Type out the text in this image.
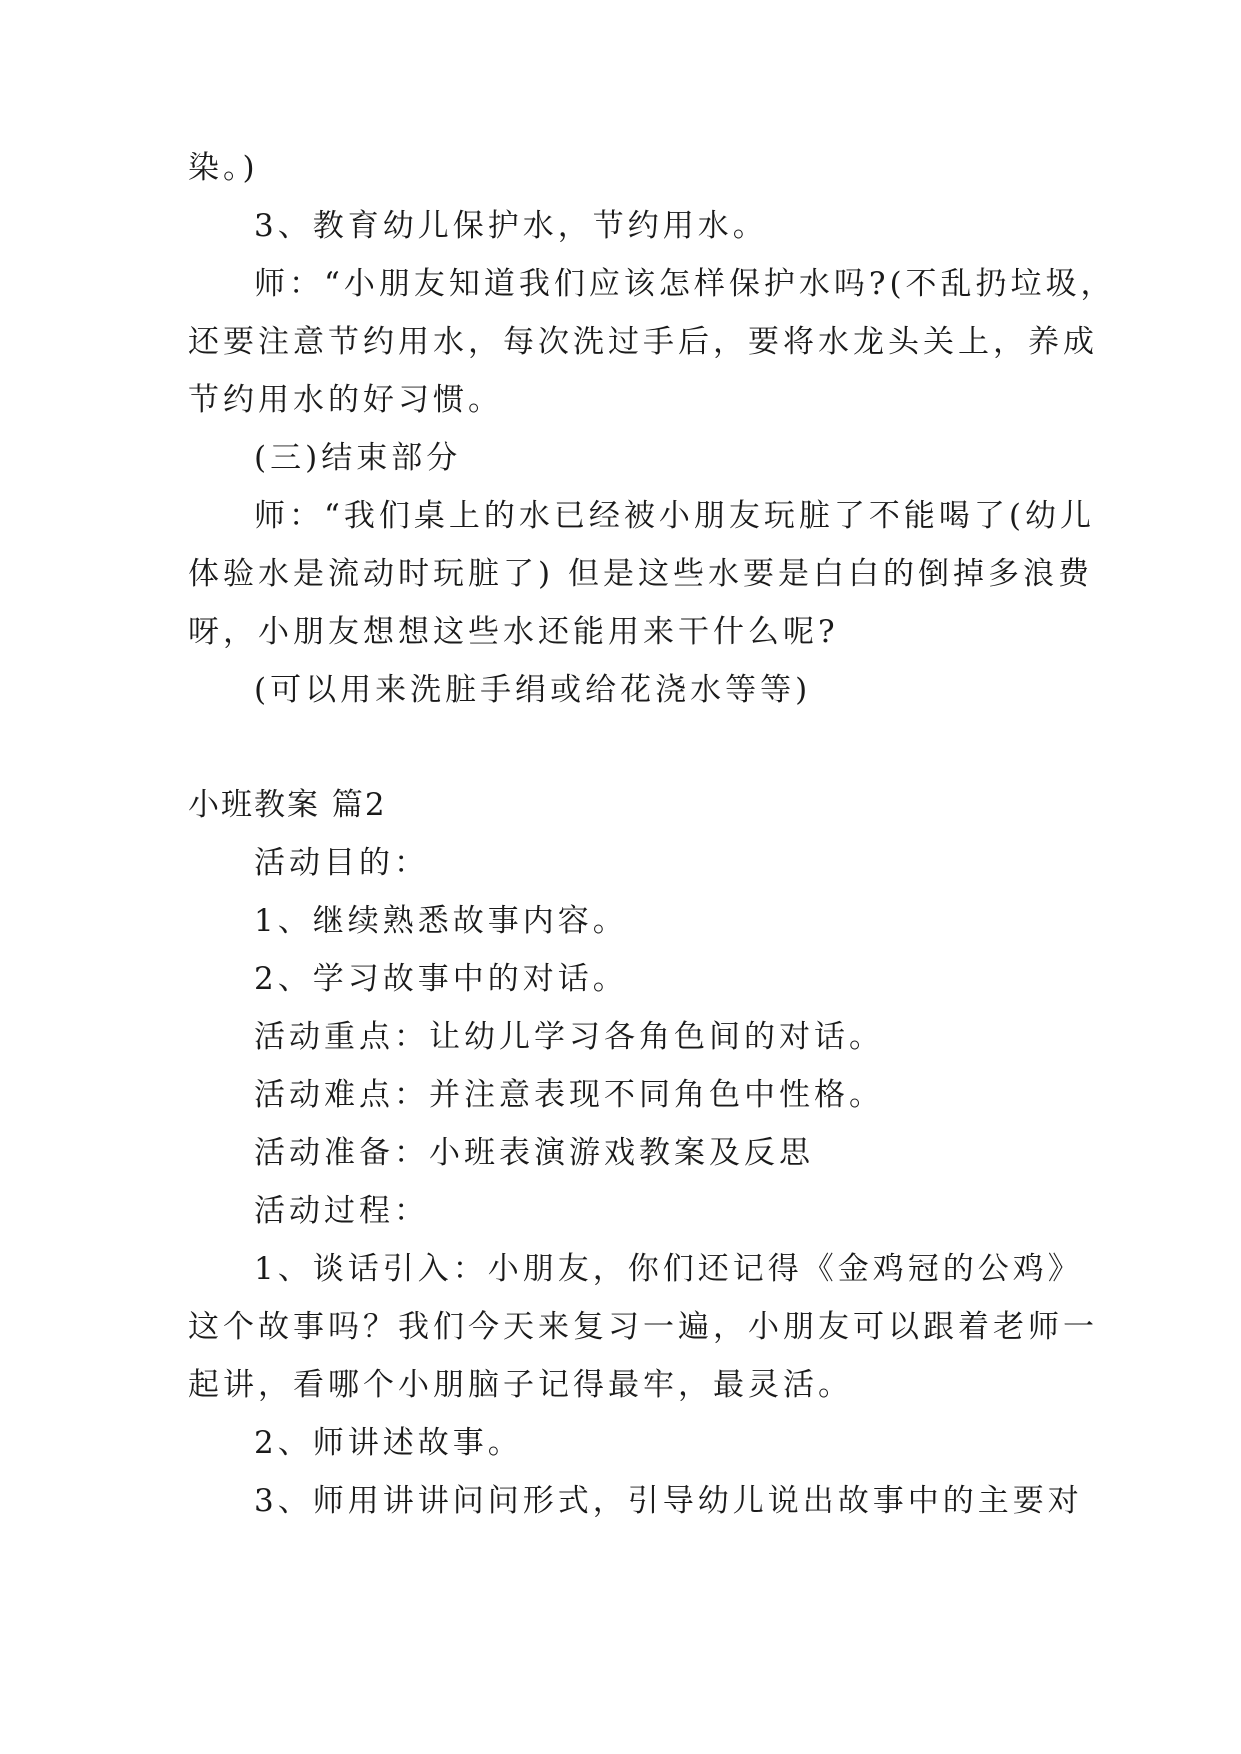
染。)
3、教育幼儿保护水，节约用水。
师：“小朋友知道我们应该怎样保护水吗?(不乱扔垃圾，
还要注意节约用水，每次洗过手后，要将水龙头关上，养成
节约用水的好习惯。
(三)结束部分
师：“我们桌上的水已经被小朋友玩脏了不能喝了(幼儿
体验水是流动时玩脏了) 但是这些水要是白白的倒掉多浪费
呀，小朋友想想这些水还能用来干什么呢?
(可以用来洗脏手绢或给花浇水等等)
小班教案 篇2
活动目的：
1、继续熟悉故事内容。
2、学习故事中的对话。
活动重点：让幼儿学习各角色间的对话。
活动难点：并注意表现不同角色中性格。
活动准备：小班表演游戏教案及反思
活动过程：
1、谈话引入：小朋友，你们还记得《金鸡冠的公鸡》
这个故事吗？我们今天来复习一遍，小朋友可以跟着老师一
起讲，看哪个小朋脑子记得最牢，最灵活。
2、师讲述故事。
3、师用讲讲问问形式，引导幼儿说出故事中的主要对
